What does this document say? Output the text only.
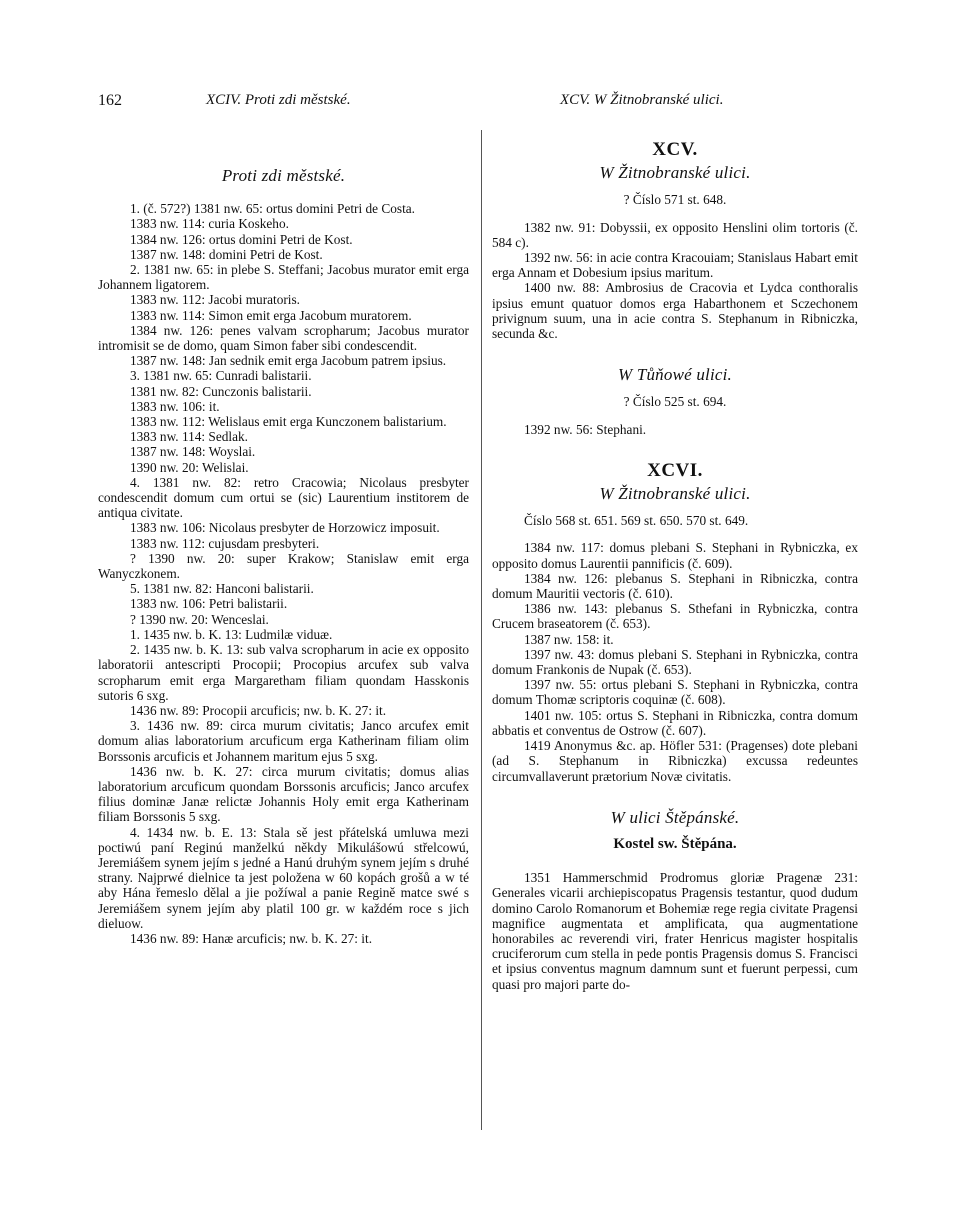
162	XCIV. Proti zdi městské.	XCV. W Žitnobranské ulici.

Proti zdi městské.

1. (č. 572?) 1381 nw. 65: ortus domini Petri de Costa.

1383 nw. 114: curia Koskeho.

1384 nw. 126: ortus domini Petri de Kost.

1387 nw. 148: domini Petri de Kost.

2. 1381 nw. 65: in plebe S. Steffani; Jacobus murator emit erga Johannem ligatorem.

1383 nw. 112: Jacobi muratoris.

1383 nw. 114: Simon emit erga Jacobum muratorem.

1384 nw. 126: penes valvam scropharum; Jacobus murator intromisit se de domo, quam Simon faber sibi condescendit.

1387 nw. 148: Jan sednik emit erga Jacobum patrem ipsius.

3. 1381 nw. 65: Cunradi balistarii.

1381 nw. 82: Cunczonis balistarii.

1383 nw. 106: it.

1383 nw. 112: Welislaus emit erga Kunczonem balistarium.

1383 nw. 114: Sedlak.

1387 nw. 148: Woyslai.

1390 nw. 20: Welislai.

4. 1381 nw. 82: retro Cracowia; Nicolaus presbyter condescendit domum cum ortui se (sic) Laurentium institorem de antiqua civitate.

1383 nw. 106: Nicolaus presbyter de Horzowicz imposuit.

1383 nw. 112: cujusdam presbyteri.

? 1390 nw. 20: super Krakow; Stanislaw emit erga Wanyczkonem.

5. 1381 nw. 82: Hanconi balistarii.

1383 nw. 106: Petri balistarii.

? 1390 nw. 20: Wenceslai.

1. 1435 nw. b. K. 13: Ludmilæ viduæ.

2. 1435 nw. b. K. 13: sub valva scropharum in acie ex opposito laboratorii antescripti Procopii; Procopius arcufex sub valva scropharum emit erga Margaretham filiam quondam Hasskonis sutoris 6 sxg.

1436 nw. 89: Procopii arcuficis; nw. b. K. 27: it.

3. 1436 nw. 89: circa murum civitatis; Janco arcufex emit domum alias laboratorium arcuficum erga Katherinam filiam olim Borssonis arcuficis et Johannem maritum ejus 5 sxg.

1436 nw. b. K. 27: circa murum civitatis; domus alias laboratorium arcuficum quondam Borssonis arcuficis; Janco arcufex filius dominæ Janæ relictæ Johannis Holy emit erga Katherinam filiam Borssonis 5 sxg.

4. 1434 nw. b. E. 13: Stala sě jest přátelská umluwa mezi poctiwú paní Reginú manželkú někdy Mikulášowú střelcowú, Jeremiášem synem jejím s jedné a Hanú druhým synem jejím s druhé strany. Najprwé dielnice ta jest položena w 60 kopách grošů a w té aby Hána řemeslo dělal a jie požíwal a panie Regině matce swé s Jeremiášem synem jejím aby platil 100 gr. w každém roce s jich dieluow.

1436 nw. 89: Hanæ arcuficis; nw. b. K. 27: it.

XCV.

W Žitnobranské ulici.

? Číslo 571 st. 648.

1382 nw. 91: Dobyssii, ex opposito Henslini olim tortoris (č. 584 c).

1392 nw. 56: in acie contra Kracouiam; Stanislaus Habart emit erga Annam et Dobesium ipsius maritum.

1400 nw. 88: Ambrosius de Cracovia et Lydca conthoralis ipsius emunt quatuor domos erga Habarthonem et Sczechonem privignum suum, una in acie contra S. Stephanum in Ribniczka, secunda &c.

W Tůňowé ulici.

? Číslo 525 st. 694.

1392 nw. 56: Stephani.

XCVI.

W Žitnobranské ulici.

Číslo 568 st. 651. 569 st. 650. 570 st. 649.

1384 nw. 117: domus plebani S. Stephani in Rybniczka, ex opposito domus Laurentii pannificis (č. 609).

1384 nw. 126: plebanus S. Stephani in Ribniczka, contra domum Mauritii vectoris (č. 610).

1386 nw. 143: plebanus S. Sthefani in Rybniczka, contra Crucem braseatorem (č. 653).

1387 nw. 158: it.

1397 nw. 43: domus plebani S. Stephani in Rybniczka, contra domum Frankonis de Nupak (č. 653).

1397 nw. 55: ortus plebani S. Stephani in Rybniczka, contra domum Thomæ scriptoris coquinæ (č. 608).

1401 nw. 105: ortus S. Stephani in Ribniczka, contra domum abbatis et conventus de Ostrow (č. 607).

1419 Anonymus &c. ap. Höfler 531: (Pragenses) dote plebani (ad S. Stephanum in Ribniczka) excussa redeuntes circumvallaverunt prætorium Novæ civitatis.

W ulici Štěpánské.

Kostel sw. Štěpána.

1351 Hammerschmid Prodromus gloriæ Pragenæ 231: Generales vicarii archiepiscopatus Pragensis testantur, quod dudum domino Carolo Romanorum et Bohemiæ rege regia civitate Pragensi magnifice augmentata et amplificata, qua augmentatione honorabiles ac reverendi viri, frater Henricus magister hospitalis cruciferorum cum stella in pede pontis Pragensis domus S. Francisci et ipsius conventus magnum damnum sunt et fuerunt perpessi, cum quasi pro majori parte do-
